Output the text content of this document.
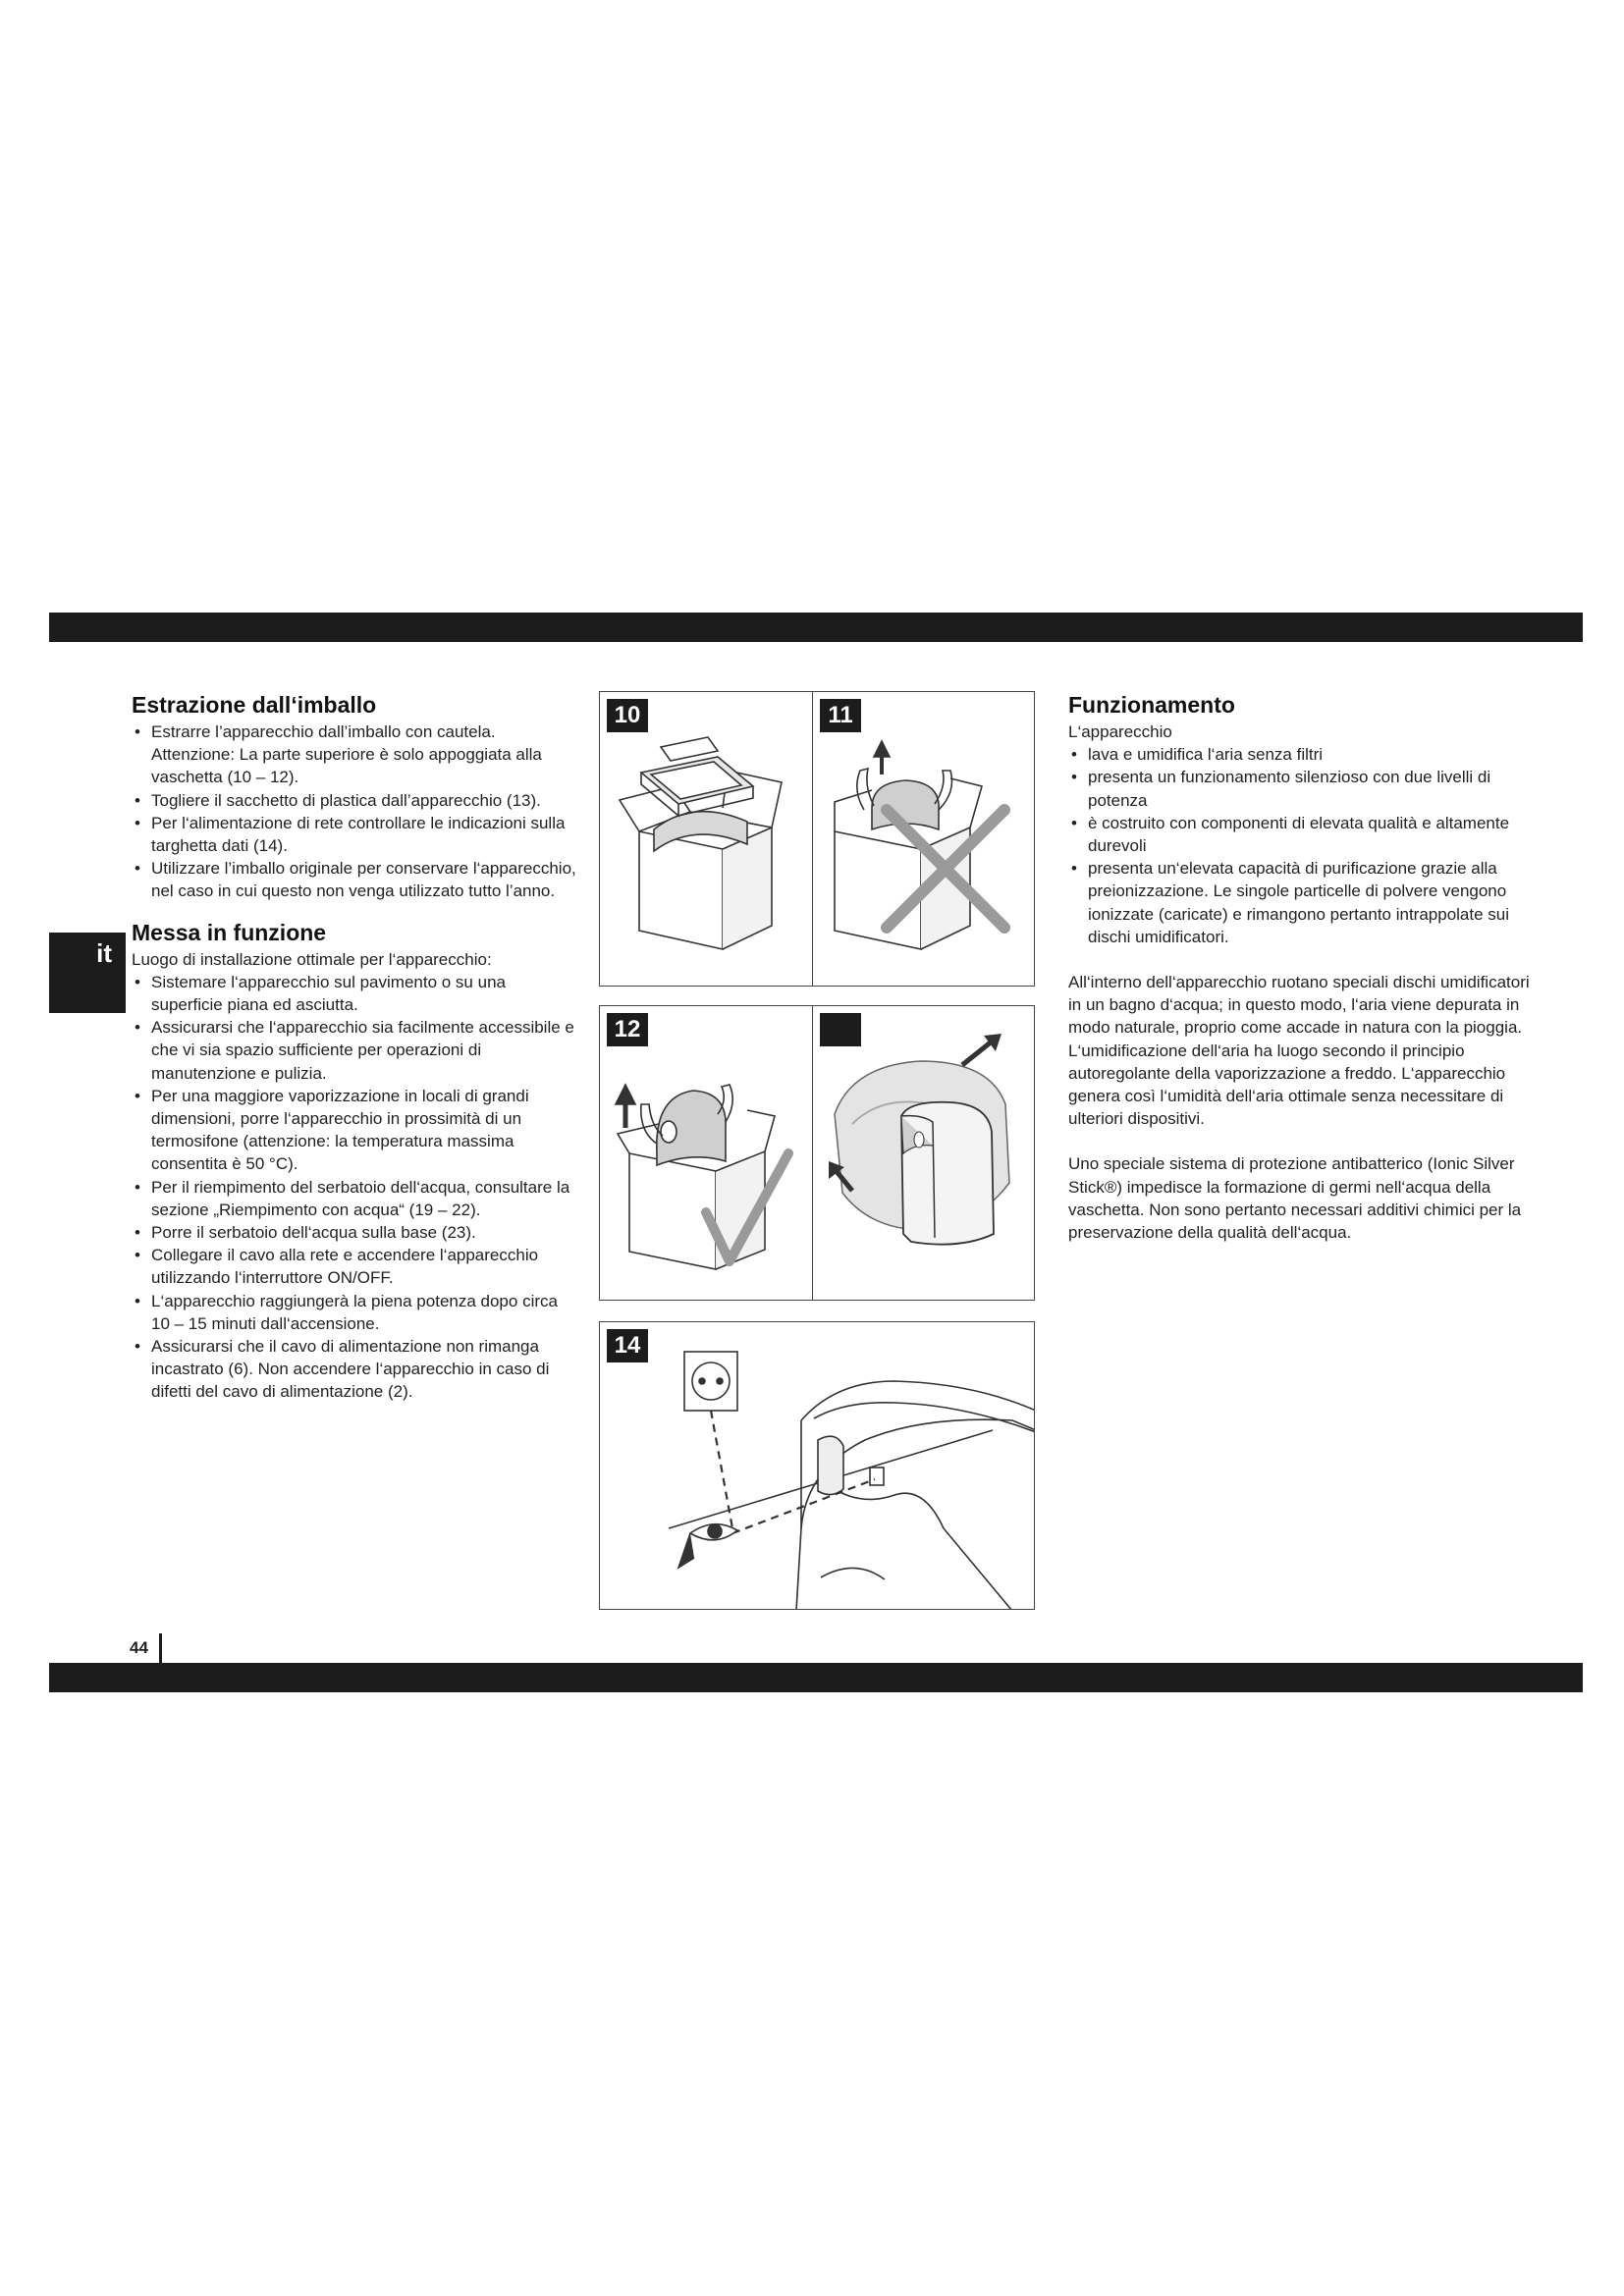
it
Estrazione dall‘imballo
• Estrarre l’apparecchio dall’imballo con cautela. Attenzione: La parte superiore è solo appoggiata alla vaschetta (10 – 12).
• Togliere il sacchetto di plastica dall’apparecchio (13).
• Per l‘alimentazione di rete controllare le indicazioni sulla targhetta dati (14).
• Utilizzare l’imballo originale per conservare l‘apparecchio, nel caso in cui questo non venga utilizzato tutto l’anno.
Messa in funzione

Luogo di installazione ottimale per l‘apparecchio:

• Sistemare l‘apparecchio sul pavimento o su una superficie piana ed asciutta.
• Assicurarsi che l‘apparecchio sia facilmente accessibile e che vi sia spazio sufficiente per operazioni di manutenzione e pulizia.
• Per una maggiore vaporizzazione in locali di grandi dimensioni, porre l‘apparecchio in prossimità di un termosifone (attenzione: la temperatura massima consentita è 50 °C).
• Per il riempimento del serbatoio dell‘acqua, consultare la sezione „Riempimento con acqua“ (19 – 22).
• Porre il serbatoio dell‘acqua sulla base (23).
• Collegare il cavo alla rete e accendere l‘apparecchio utilizzando l‘interruttore ON/OFF.
• L‘apparecchio raggiungerà la piena potenza dopo circa 10 – 15 minuti dall‘accensione.
• Assicurarsi che il cavo di alimentazione non rimanga incastrato (6). Non accendere l‘apparecchio in caso di difetti del cavo di alimentazione (2).
10	11
12
14
Funzionamento

L‘apparecchio

• lava e umidifica l‘aria senza filtri
• presenta un funzionamento silenzioso con due livelli di potenza
• è costruito con componenti di elevata qualità e altamente durevoli
• presenta un‘elevata capacità di purificazione grazie alla preionizzazione. Le singole particelle di polvere vengono ionizzate (caricate) e rimangono pertanto intrappolate sui dischi umidificatori.

All‘interno dell‘apparecchio ruotano speciali dischi umidificatori in un bagno d‘acqua; in questo modo, l‘aria viene depurata in modo naturale, proprio come accade in natura con la pioggia.

L‘umidificazione dell‘aria ha luogo secondo il principio autoregolante della vaporizzazione a freddo. L‘apparecchio genera così l‘umidità dell‘aria ottimale senza necessitare di ulteriori dispositivi.

Uno speciale sistema di protezione antibatterico (Ionic Silver Stick®) impedisce la formazione di germi nell‘acqua della vaschetta. Non sono pertanto necessari additivi chimici per la preservazione della qualità dell‘acqua.

44
